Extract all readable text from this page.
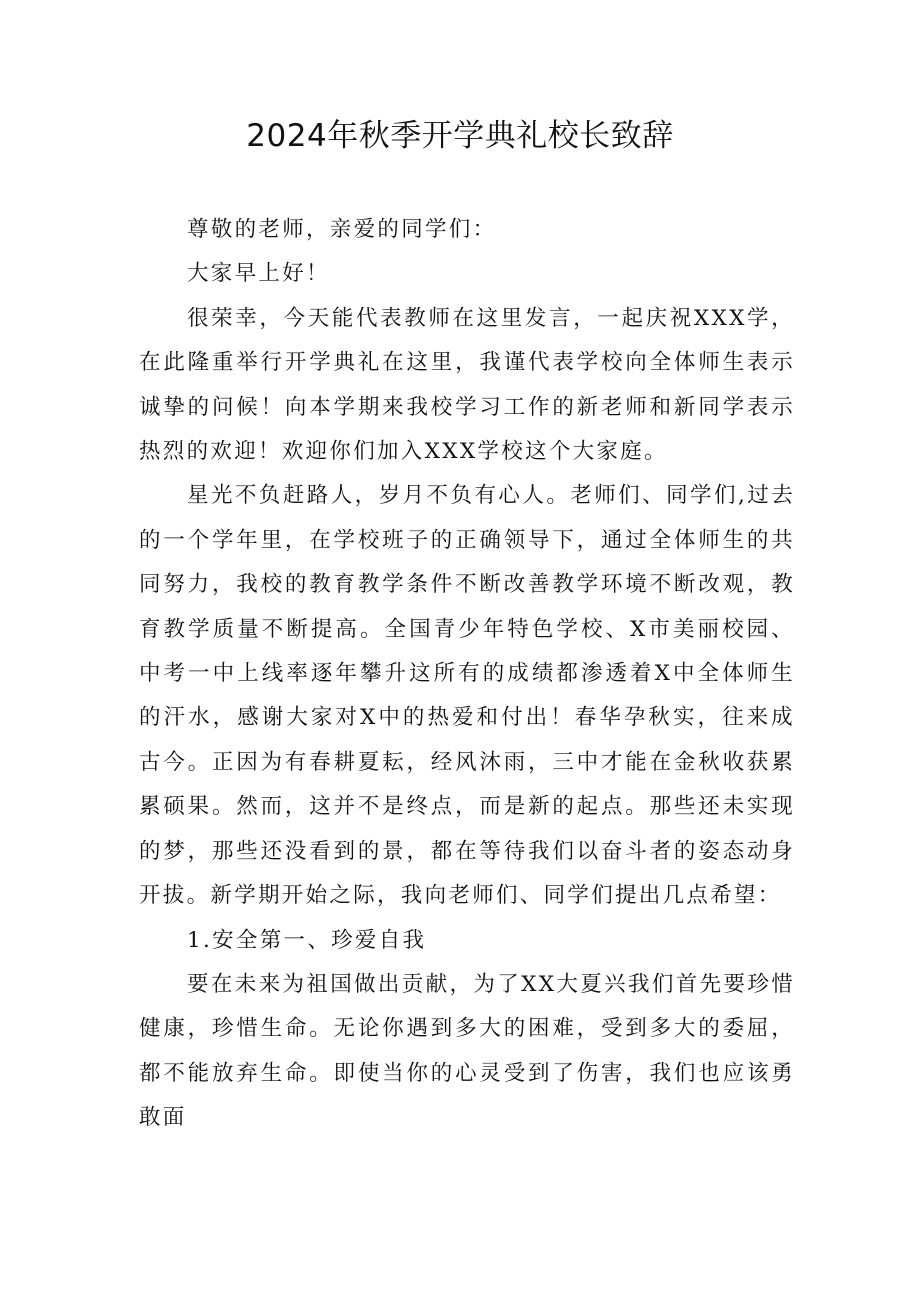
2024年秋季开学典礼校长致辞

尊敬的老师，亲爱的同学们：

大家早上好！

很荣幸，今天能代表教师在这里发言，一起庆祝XXX学，在此隆重举行开学典礼在这里，我谨代表学校向全体师生表示诚挚的问候！向本学期来我校学习工作的新老师和新同学表示热烈的欢迎！欢迎你们加入XXX学校这个大家庭。

星光不负赶路人，岁月不负有心人。老师们、同学们,过去的一个学年里，在学校班子的正确领导下，通过全体师生的共同努力，我校的教育教学条件不断改善教学环境不断改观，教育教学质量不断提高。全国青少年特色学校、X市美丽校园、中考一中上线率逐年攀升这所有的成绩都渗透着X中全体师生的汗水，感谢大家对X中的热爱和付出！春华孕秋实，往来成古今。正因为有春耕夏耘，经风沐雨，三中才能在金秋收获累累硕果。然而，这并不是终点，而是新的起点。那些还未实现的梦，那些还没看到的景，都在等待我们以奋斗者的姿态动身开拔。新学期开始之际，我向老师们、同学们提出几点希望：

1.安全第一、珍爱自我

要在未来为祖国做出贡献，为了XX大夏兴我们首先要珍惜健康，珍惜生命。无论你遇到多大的困难，受到多大的委屈，都不能放弃生命。即使当你的心灵受到了伤害，我们也应该勇敢面
